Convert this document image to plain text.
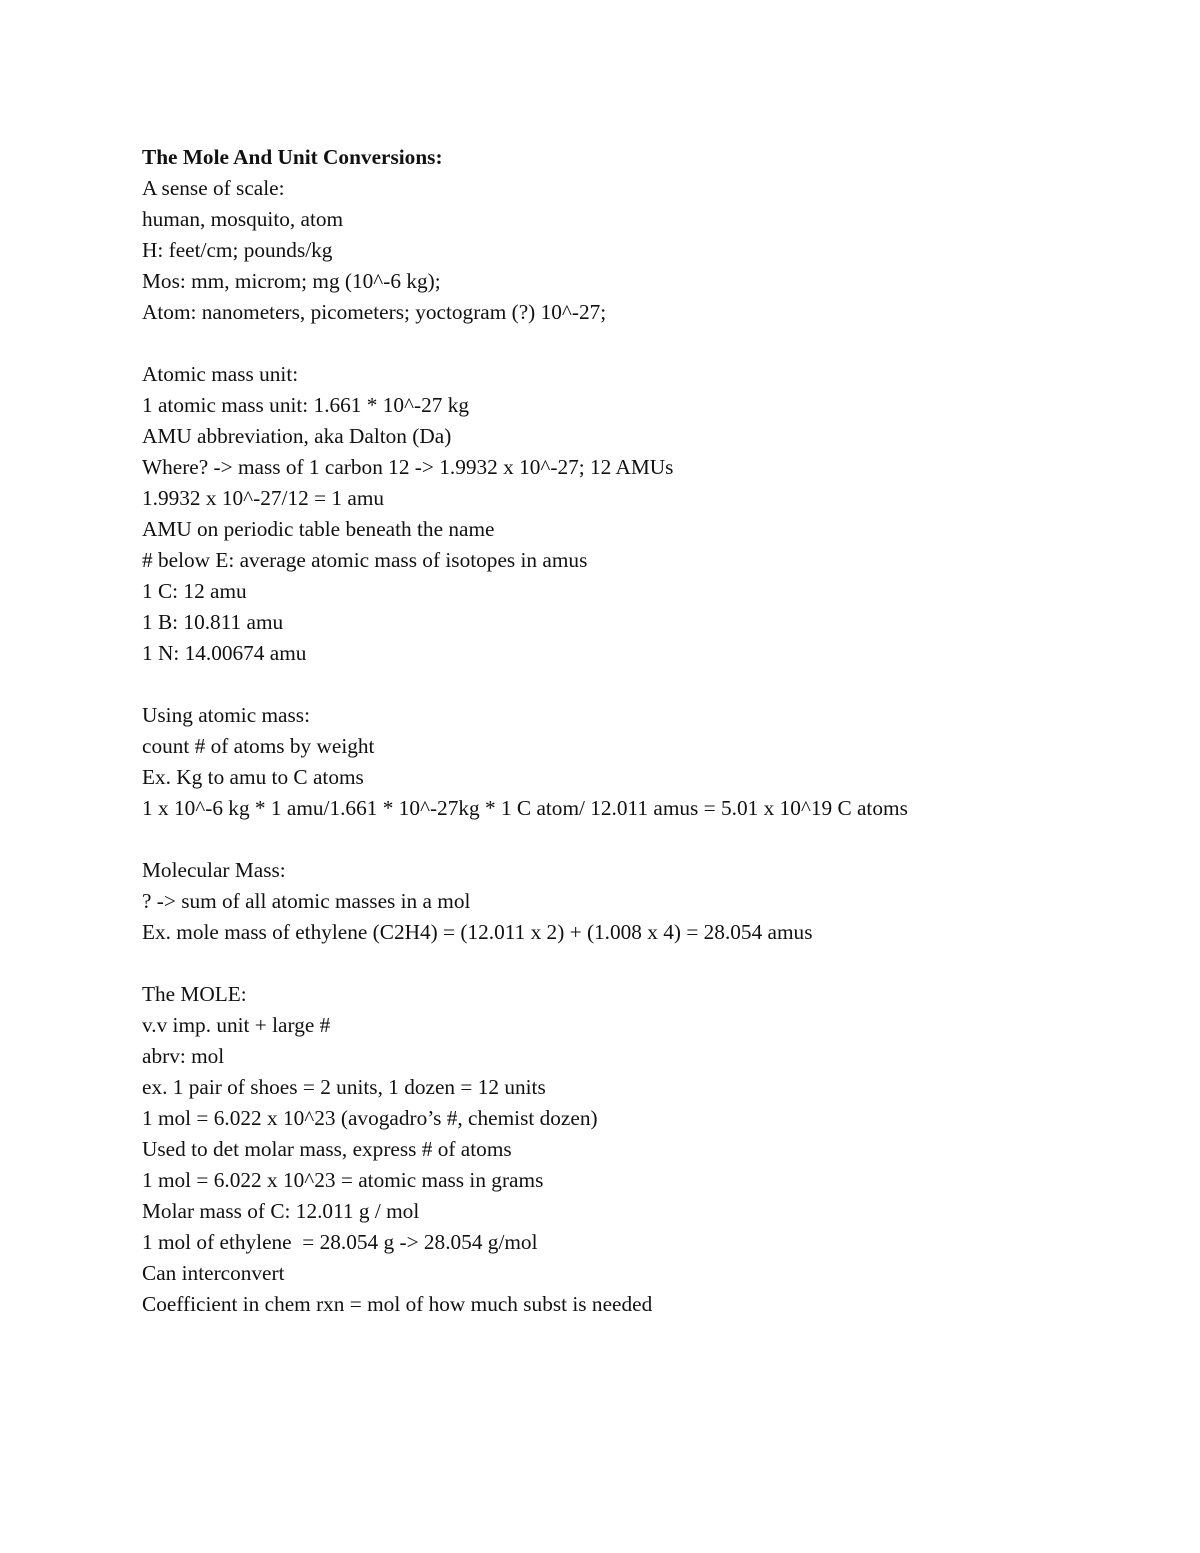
The Mole And Unit Conversions:

A sense of scale:

human, mosquito, atom

H: feet/cm; pounds/kg

Mos: mm, microm; mg (10^-6 kg);

Atom: nanometers, picometers; yoctogram (?) 10^-27;

Atomic mass unit:

1 atomic mass unit: 1.661 * 10^-27 kg

AMU abbreviation, aka Dalton (Da)

Where? -> mass of 1 carbon 12 -> 1.9932 x 10^-27; 12 AMUs

1.9932 x 10^-27/12 = 1 amu

AMU on periodic table beneath the name

# below E: average atomic mass of isotopes in amus

1 C: 12 amu

1 B: 10.811 amu

1 N: 14.00674 amu

Using atomic mass:

count # of atoms by weight

Ex. Kg to amu to C atoms

1 x 10^-6 kg * 1 amu/1.661 * 10^-27kg * 1 C atom/ 12.011 amus = 5.01 x 10^19 C atoms

Molecular Mass:

? -> sum of all atomic masses in a mol

Ex. mole mass of ethylene (C2H4) = (12.011 x 2) + (1.008 x 4) = 28.054 amus

The MOLE:

v.v imp. unit + large #

abrv: mol

ex. 1 pair of shoes = 2 units, 1 dozen = 12 units

1 mol = 6.022 x 10^23 (avogadro’s #, chemist dozen)

Used to det molar mass, express # of atoms

1 mol = 6.022 x 10^23 = atomic mass in grams

Molar mass of C: 12.011 g / mol

1 mol of ethylene  = 28.054 g -> 28.054 g/mol

Can interconvert

Coefficient in chem rxn = mol of how much subst is needed
